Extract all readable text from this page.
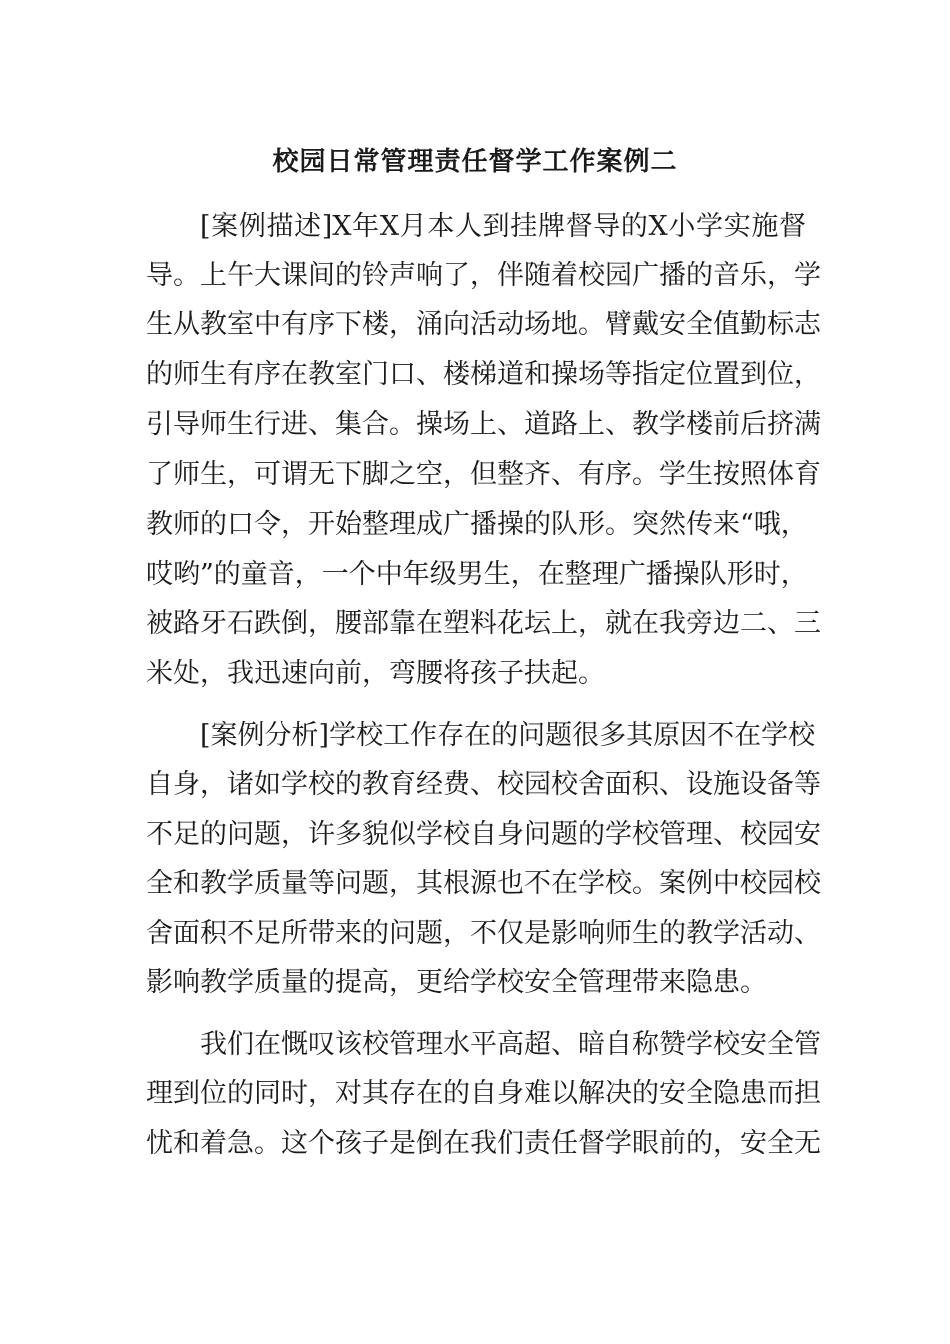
校园日常管理责任督学工作案例二

[案例描述]X年X月本人到挂牌督导的X小学实施督

导。上午大课间的铃声响了，伴随着校园广播的音乐，学

生从教室中有序下楼，涌向活动场地。臂戴安全值勤标志

的师生有序在教室门口、楼梯道和操场等指定位置到位，

引导师生行进、集合。操场上、道路上、教学楼前后挤满

了师生，可谓无下脚之空，但整齐、有序。学生按照体育

教师的口令，开始整理成广播操的队形。突然传来“哦，

哎哟”的童音，一个中年级男生，在整理广播操队形时，

被路牙石跌倒，腰部靠在塑料花坛上，就在我旁边二、三

米处，我迅速向前，弯腰将孩子扶起。

[案例分析]学校工作存在的问题很多其原因不在学校

自身，诸如学校的教育经费、校园校舍面积、设施设备等

不足的问题，许多貌似学校自身问题的学校管理、校园安

全和教学质量等问题，其根源也不在学校。案例中校园校

舍面积不足所带来的问题，不仅是影响师生的教学活动、

影响教学质量的提高，更给学校安全管理带来隐患。

我们在慨叹该校管理水平高超、暗自称赞学校安全管

理到位的同时，对其存在的自身难以解决的安全隐患而担

忧和着急。这个孩子是倒在我们责任督学眼前的，安全无
